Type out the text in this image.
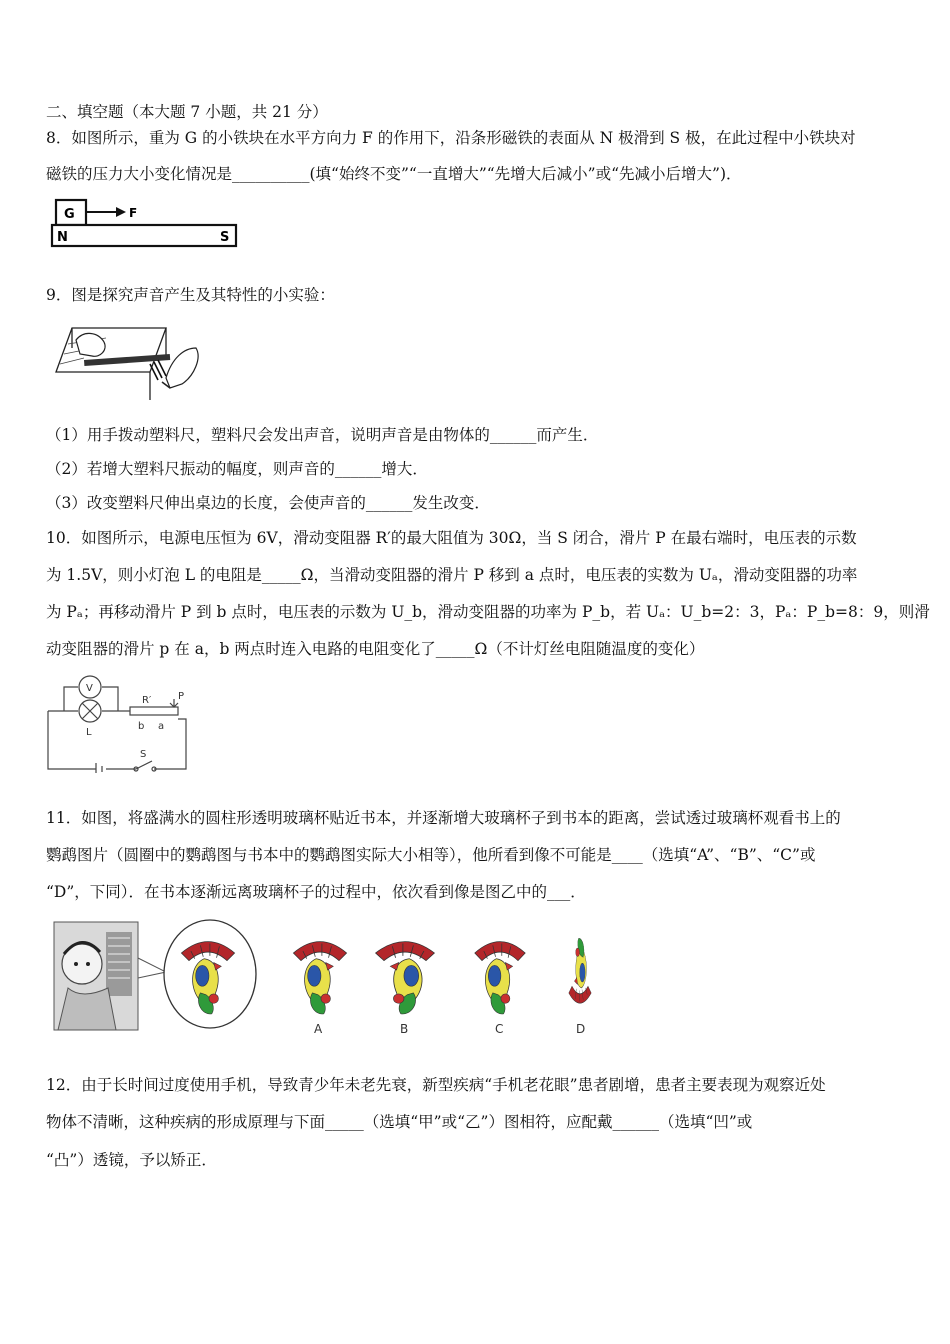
二、填空题（本大题 7 小题，共 21 分）
8．如图所示，重为 G 的小铁块在水平方向力 F 的作用下，沿条形磁铁的表面从 N 极滑到 S 极，在此过程中小铁块对
磁铁的压力大小变化情况是__________(填“始终不变”“一直增大”“先增大后减小”或“先减小后增大”)．
G	F
N	S
9．图是探究声音产生及其特性的小实验：
（1）用手拨动塑料尺，塑料尺会发出声音，说明声音是由物体的______而产生．
（2）若增大塑料尺振动的幅度，则声音的______增大．
（3）改变塑料尺伸出桌边的长度，会使声音的______发生改变．
10．如图所示，电源电压恒为 6V，滑动变阻器 R′的最大阻值为 30Ω，当 S 闭合，滑片 P 在最右端时，电压表的示数
为 1.5V，则小灯泡 L 的电阻是_____Ω，当滑动变阻器的滑片 P 移到 a 点时，电压表的实数为 Uₐ，滑动变阻器的功率
为 Pₐ；再移动滑片 P 到 b 点时，电压表的示数为 U_b，滑动变阻器的功率为 P_b，若 Uₐ：U_b=2：3，Pₐ：P_b=8：9，则滑
动变阻器的滑片 p 在 a，b 两点时连入电路的电阻变化了_____Ω（不计灯丝电阻随温度的变化）
V
L
R′	P
b a
S
11．如图，将盛满水的圆柱形透明玻璃杯贴近书本，并逐渐增大玻璃杯子到书本的距离，尝试透过玻璃杯观看书上的
鹦鹉图片（圆圈中的鹦鹉图与书本中的鹦鹉图实际大小相等），他所看到像不可能是____（选填“A”、“B”、“C”或
“D”，下同）．在书本逐渐远离玻璃杯子的过程中，依次看到像是图乙中的___．
A	B	C	D
12．由于长时间过度使用手机，导致青少年未老先衰，新型疾病“手机老花眼”患者剧增，患者主要表现为观察近处
物体不清晰，这种疾病的形成原理与下面_____（选填“甲”或“乙”）图相符，应配戴______（选填“凹”或
“凸”）透镜，予以矫正．
